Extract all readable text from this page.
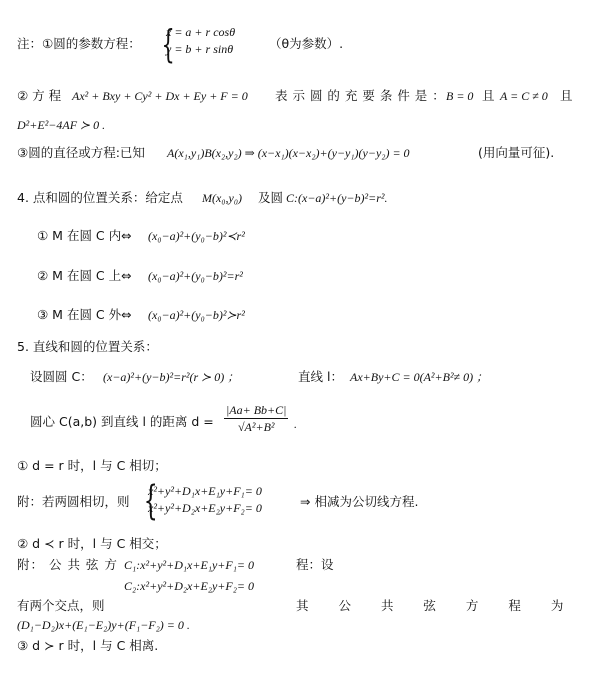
注：①圆的参数方程： {
x = a + r cosθ
y = b + r sinθ	（θ为参数）.
② 方 程 Ax² + Bxy + Cy² + Dx + Ey + F = 0 表 示 圆 的 充 要 条 件 是 ： B = 0 且 A = C ≠ 0 且
D²+E²−4AF ≻ 0 .
③圆的直径或方程:已知 A(x₁,y₁)B(x₂,y₂) ⇒ (x−x₁)(x−x₂)+(y−y₁)(y−y₂) = 0	(用向量可征).
4. 点和圆的位置关系：给定点 M(x₀,y₀) 及圆 C:(x−a)²+(y−b)²=r².
① M 在圆 C 内⇔ (x₀−a)²+(y₀−b)²≺r²
② M 在圆 C 上⇔ (x₀−a)²+(y₀−b)²=r²
③ M 在圆 C 外⇔ (x₀−a)²+(y₀−b)²≻r²
5. 直线和圆的位置关系：
设圆圆 C： (x−a)²+(y−b)²=r²(r ≻ 0) ；	直线 l： Ax+By+C = 0(A²+B²≠ 0) ；
圆心 C(a,b) 到直线 l 的距离 $d = \frac{|Aa+ Bb+C|}{\text{√A²+B²}}$ .
① d = r 时，l 与 C 相切；
附：若两圆相切，则 {
x²+y²+D₁x+E₁y+F₁= 0
x²+y²+D₂x+E₂y+F₂= 0	⇒ 相减为公切线方程.
② d ≺ r 时，l 与 C 相交；
附： 公 共 弦 方 C₁:x²+y²+D₁x+E₁y+F₁= 0
C₂:x²+y²+D₂x+E₂y+F₂= 0
程：设
有两个交点，则	其 公 共 弦 方 程 为
(D₁−D₂)x+(E₁−E₂)y+(F₁−F₂) = 0 .
③ d ≻ r 时，l 与 C 相离.
